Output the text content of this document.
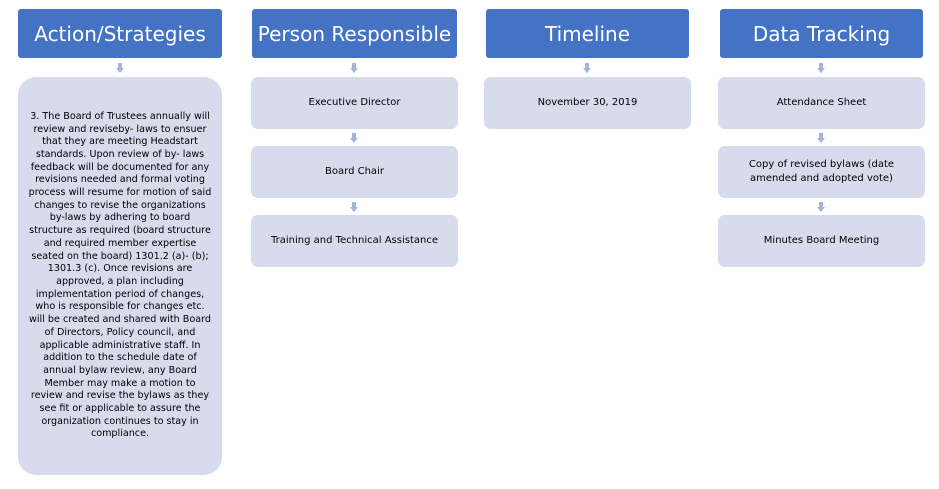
Action/Strategies
3. The Board of Trustees annually will review and reviseby- laws to ensuer that they are meeting Headstart standards. Upon review of by- laws feedback will be documented for any revisions needed and formal voting process will resume for motion of said changes to revise the organizations by-laws by adhering to board structure as required (board structure and required member expertise seated on the board) 1301.2 (a)- (b); 1301.3 (c). Once revisions are approved, a plan including implementation period of changes, who is responsible for changes etc. will be created and shared with Board of Directors, Policy council, and applicable administrative staff. In addition to the schedule date of annual bylaw review, any Board Member may make a motion to review and revise the bylaws as they see fit or applicable to assure the organization continues to stay in compliance.
Person Responsible
Executive Director
Board Chair
Training and Technical Assistance
Timeline
November 30, 2019
Data Tracking
Attendance Sheet
Copy of revised bylaws (date amended and adopted vote)
Minutes Board Meeting
